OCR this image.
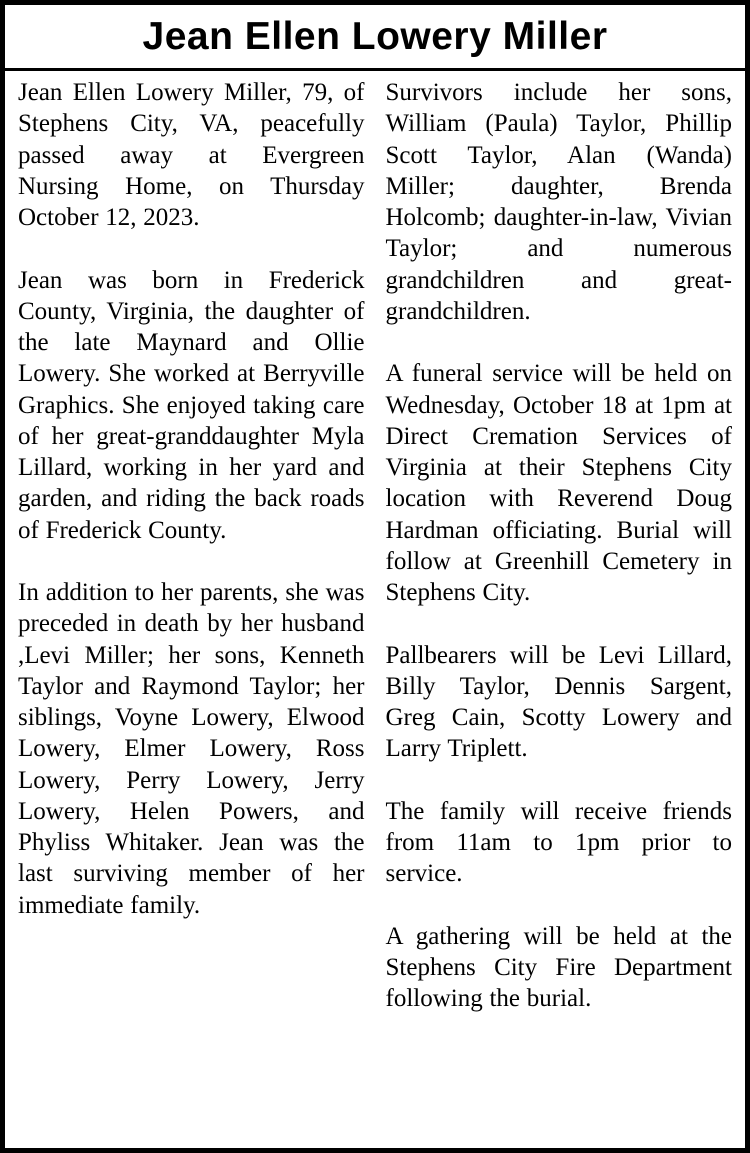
Jean Ellen Lowery Miller

Jean Ellen Lowery Miller, 79, of Stephens City, VA, peacefully passed away at Evergreen Nursing Home, on Thursday October 12, 2023.

Jean was born in Frederick County, Virginia, the daughter of the late Maynard and Ollie Lowery. She worked at Berryville Graphics. She enjoyed taking care of her great-granddaughter Myla Lillard, working in her yard and garden, and riding the back roads of Frederick County.

In addition to her parents, she was preceded in death by her husband ,Levi Miller; her sons, Kenneth Taylor and Raymond Taylor; her siblings, Voyne Lowery, Elwood Lowery, Elmer Lowery, Ross Lowery, Perry Lowery, Jerry Lowery, Helen Powers, and Phyliss Whitaker. Jean was the last surviving member of her immediate family.

Survivors include her sons, William (Paula) Taylor, Phillip Scott Taylor, Alan (Wanda) Miller; daughter, Brenda Holcomb; daughter-in-law, Vivian Taylor; and numerous grandchildren and great-grandchildren.

A funeral service will be held on Wednesday, October 18 at 1pm at Direct Cremation Services of Virginia at their Stephens City location with Reverend Doug Hardman officiating. Burial will follow at Greenhill Cemetery in Stephens City.

Pallbearers will be Levi Lillard, Billy Taylor, Dennis Sargent, Greg Cain, Scotty Lowery and Larry Triplett.

The family will receive friends from 11am to 1pm prior to service.

A gathering will be held at the Stephens City Fire Department following the burial.
